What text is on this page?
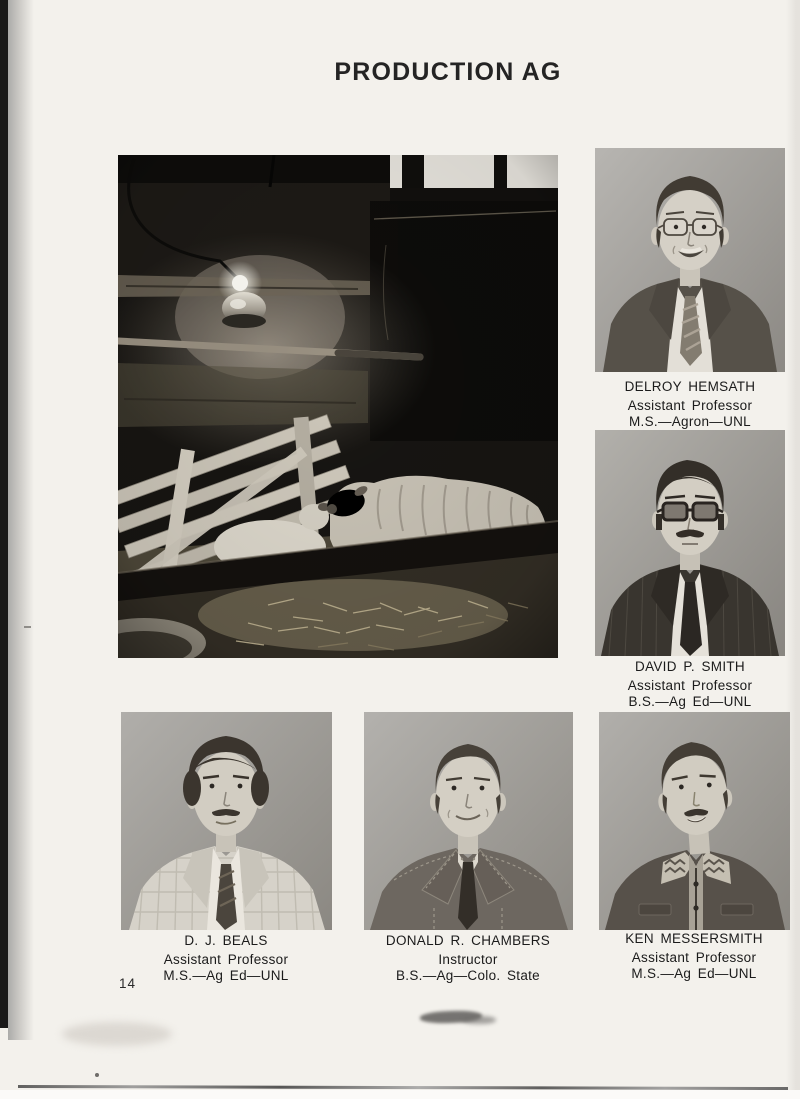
PRODUCTION AG
DELROY HEMSATH
Assistant Professor
M.S.—Agron—UNL
DAVID P. SMITH
Assistant Professor
B.S.—Ag Ed—UNL
D. J. BEALS
Assistant Professor
M.S.—Ag Ed—UNL
DONALD R. CHAMBERS
Instructor
B.S.—Ag—Colo. State
KEN MESSERSMITH
Assistant Professor
M.S.—Ag Ed—UNL
14
